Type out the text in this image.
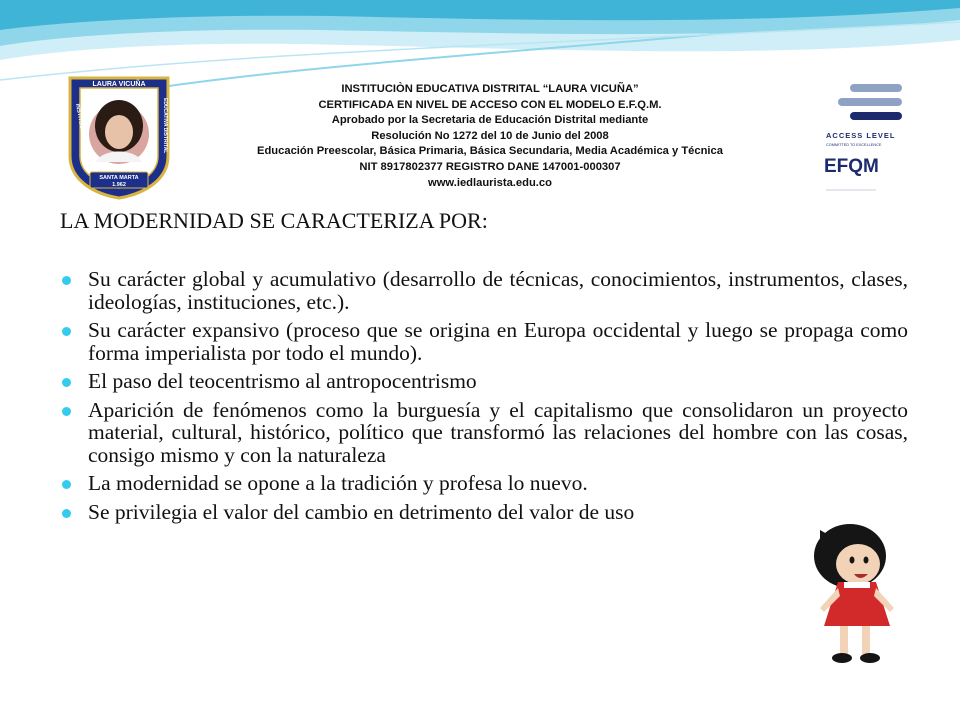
LAURA VICUÑA
INSTITUCION	EDUCATIVA DISTRITAL
SANTA MARTA
1.962
INSTITUCIÒN EDUCATIVA DISTRITAL “LAURA VICUÑA”
CERTIFICADA EN NIVEL DE ACCESO CON EL MODELO E.F.Q.M.
Aprobado por la Secretaria de Educación Distrital mediante
Resolución No 1272 del 10 de Junio del 2008
Educación Preescolar, Básica Primaria, Básica Secundaria, Media Académica y Técnica
NIT 8917802377 REGISTRO DANE 147001-000307
www.iedlaurista.edu.co
ACCESS LEVEL
COMMITTED TO EXCELLENCE
EFQM
LA MODERNIDAD SE CARACTERIZA POR:
Su carácter global y acumulativo (desarrollo de técnicas, conocimientos, instrumentos, clases, ideologías, instituciones, etc.).
Su carácter expansivo (proceso que se origina en Europa occidental y luego se propaga como forma imperialista por todo el mundo).
El paso del teocentrismo al antropocentrismo
Aparición de fenómenos como la burguesía y el capitalismo que consolidaron un proyecto material, cultural, histórico, político que transformó las relaciones del hombre con las cosas, consigo mismo y con la naturaleza
La modernidad se opone a la tradición y profesa lo nuevo.
Se privilegia el valor del cambio en detrimento del valor de uso
